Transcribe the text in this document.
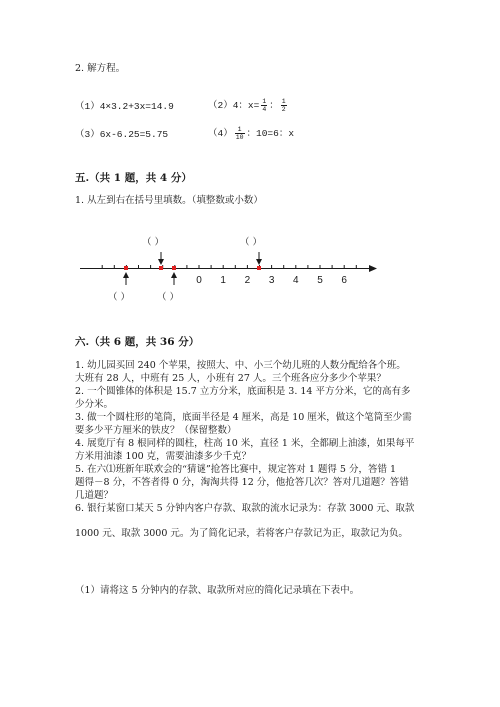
2. 解方程。
（1）4×3.2+3x=14.9	（2）4：$x= \frac{1}{4}$ ： $\frac{1}{2}$
（3）6x-6.25=5.75	$(4) \frac{1}{10}$ ：10=6：x
五.（共 1 题，共 4 分）
1. 从左到右在括号里填数。（填整数或小数）
0 1 2 3 4 5 6
（ ）	（ ）
（ ）	（ ）
六.（共 6 题，共 36 分）
1. 幼儿园买回 240 个苹果，按照大、中、小三个幼儿班的人数分配给各个班。
大班有 28 人，中班有 25 人，小班有 27 人。三个班各应分多少个苹果？
2. 一个圆锥体的体积是 15.7 立方分米，底面积是 3. 14 平方分米，它的高有多
少分米。
3. 做一个圆柱形的笔筒，底面半径是 4 厘米，高是 10 厘米，做这个笔筒至少需
要多少平方厘米的铁皮？（保留整数）
4. 展览厅有 8 根同样的圆柱，柱高 10 米，直径 1 米，全都刷上油漆，如果每平
方米用油漆 100 克，需要油漆多少千克？
5. 在六⑴班新年联欢会的“猜谜”抢答比赛中，规定答对 1 题得 5 分，答错 1
题得－8 分，不答者得 0 分，淘淘共得 12 分，他抢答几次？答对几道题？答错
几道题？
6. 银行某窗口某天 5 分钟内客户存款、取款的流水记录为：存款 3000 元、取款
1000 元、取款 3000 元。为了简化记录，若将客户存款记为正，取款记为负。
（1）请将这 5 分钟内的存款、取款所对应的简化记录填在下表中。
